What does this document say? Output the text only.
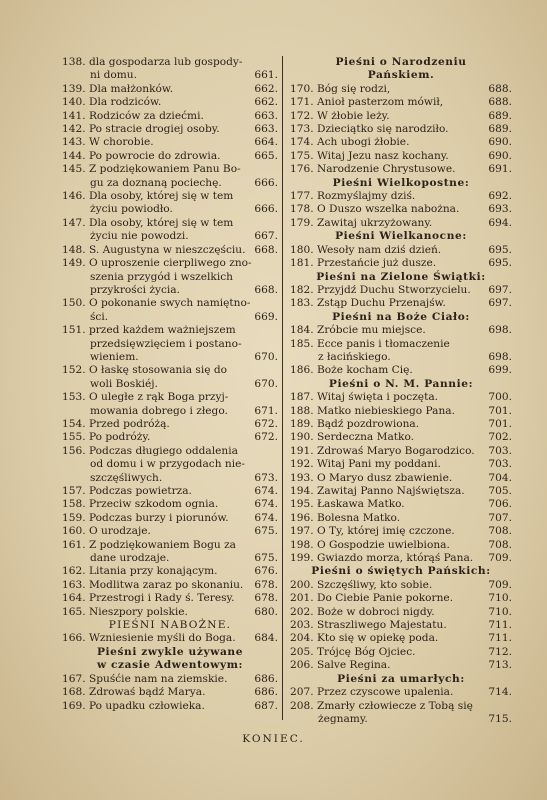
138. dla gospodarza lub gospody-
ni domu.	661.
139. Dla małżonków.	662.
140. Dla rodziców.	662.
141. Rodziców za dziećmi.	663.
142. Po stracie drogiej osoby.	663.
143. W chorobie.	664.
144. Po powrocie do zdrowia.	665.
145. Z podziękowaniem Panu Bo-
gu za doznaną pociechę.	666.
146. Dla osoby, której się w tem
życiu powiodło.	666.
147. Dla osoby, której się w tem
życiu nie powodzi.	667.
148. S. Augustyna w nieszczęściu. 668.
149. O uproszenie cierpliwego zno-
szenia przygód i wszelkich
przykrości życia.	668.
150. O pokonanie swych namiętno-
ści.	669.
151. przed każdem ważniejszem
przedsięwzięciem i postano-
wieniem.	670.
152. O łaskę stosowania się do
woli Boskiéj.	670.
153. O uległe z rąk Boga przyj-
mowania dobrego i złego.	671.
154. Przed podróżą.	672.
155. Po podróży.	672.
156. Podczas długiego oddalenia
od domu i w przygodach nie-
szczęśliwych.	673.
157. Podczas powietrza.	674.
158. Przeciw szkodom ognia.	674.
159. Podczas burzy i piorunów.	674.
160. O urodzaje.	675.
161. Z podziękowaniem Bogu za
dane urodzaje.	675.
162. Litania przy konającym.	676.
163. Modlitwa zaraz po skonaniu.	678.
164. Przestrogi i Rady ś. Teresy.	678.
165. Nieszpory polskie.	680.
PIEŚNI NABOŻNE.
166. Wzniesienie myśli do Boga.	684.
Pieśni zwykle używane
w czasie Adwentowym:
167. Spuśćie nam na ziemskie.	686.
168. Zdrowaś bądź Marya.	686.
169. Po upadku człowieka.	687.
Pieśni o Narodzeniu
Pańskiem.
170. Bóg się rodzi,	688.
171. Anioł pasterzom mówił,	688.
172. W żłobie leży.	689.
173. Dzieciątko się narodziło.	689.
174. Ach ubogi żłobie.	690.
175. Witaj Jezu nasz kochany.	690.
176. Narodzenie Chrystusowe.	691.
Pieśni Wielkopostne:
177. Rozmyślajmy dziś.	692.
178. O Duszo wszelka nabożna.	693.
179. Zawitaj ukrzyżowany.	694.
Pieśni Wielkanocne:
180. Wesoły nam dziś dzień.	695.
181. Przestańcie już dusze.	695.
Pieśni na Zielone Świątki:
182. Przyjdź Duchu Stworzycielu.	697.
183. Zstąp Duchu Przenajśw.	697.
Pieśni na Boże Ciało:
184. Zróbcie mu miejsce.	698.
185. Ecce panis i tłomaczenie
z łacińskiego.	698.
186. Boże kocham Cię.	699.
Pieśni o N. M. Pannie:
187. Witaj święta i poczęta.	700.
188. Matko niebieskiego Pana.	701.
189. Bądź pozdrowiona.	701.
190. Serdeczna Matko.	702.
191. Zdrowaś Maryo Bogarodzico.	703.
192. Witaj Pani my poddani.	703.
193. O Maryo dusz zbawienie.	704.
194. Zawitaj Panno Najświętsza.	705.
195. Łaskawa Matko.	706.
196. Bolesna Matko.	707.
197. O Ty, której imię czczone.	708.
198. O Gospodzie uwielbiona.	708.
199. Gwiazdo morza, którąś Pana.	709.
Pieśni o świętych Pańskich:
200. Szczęśliwy, kto sobie.	709.
201. Do Ciebie Panie pokorne.	710.
202. Boże w dobroci nigdy.	710.
203. Straszliwego Majestatu.	711.
204. Kto się w opiekę poda.	711.
205. Trójcę Bóg Ojciec.	712.
206. Salve Regina.	713.
Pieśni za umarłych:
207. Przez czyscowe upalenia.	714.
208. Zmarły człowiecze z Tobą się
żegnamy.	715.
KONIEC.
